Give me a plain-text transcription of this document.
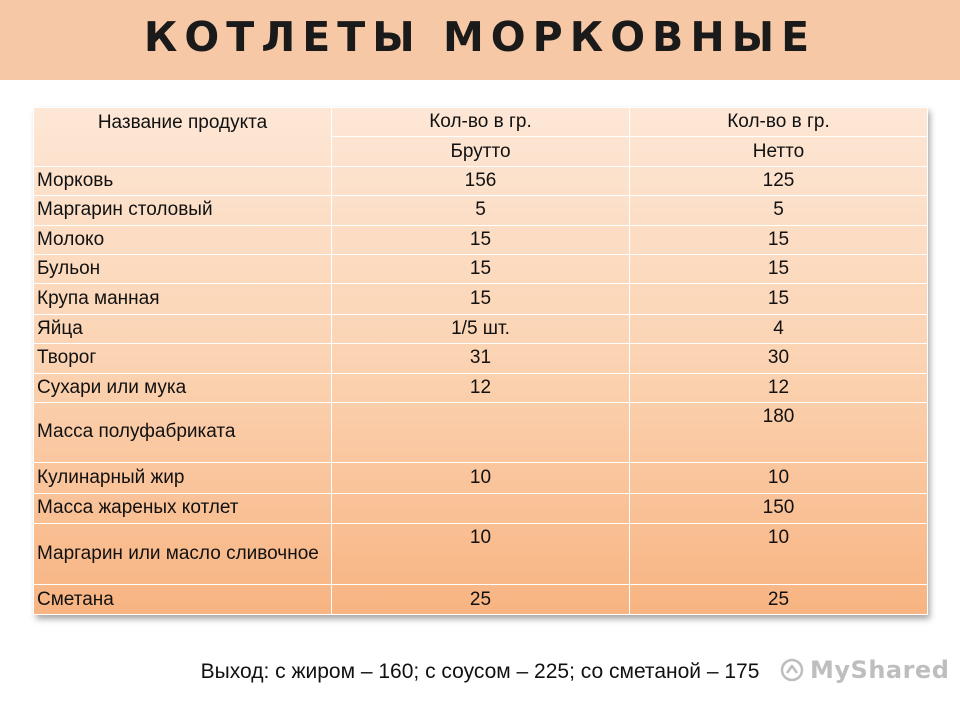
КОТЛЕТЫ МОРКОВНЫЕ
Название продукта	Кол-во в гр.	Кол-во в гр.
	Брутто	Нетто
Морковь	156	125
Маргарин столовый	5	5
Молоко	15	15
Бульон	15	15
Крупа манная	15	15
Яйца	1/5 шт.	4
Творог	31	30
Сухари или мука	12	12
Масса полуфабриката		180
Кулинарный жир	10	10
Масса жареных котлет		150
Маргарин или масло сливочное	10	10
Сметана	25	25
Выход: с жиром – 160; с соусом – 225; со сметаной – 175	MyShared
